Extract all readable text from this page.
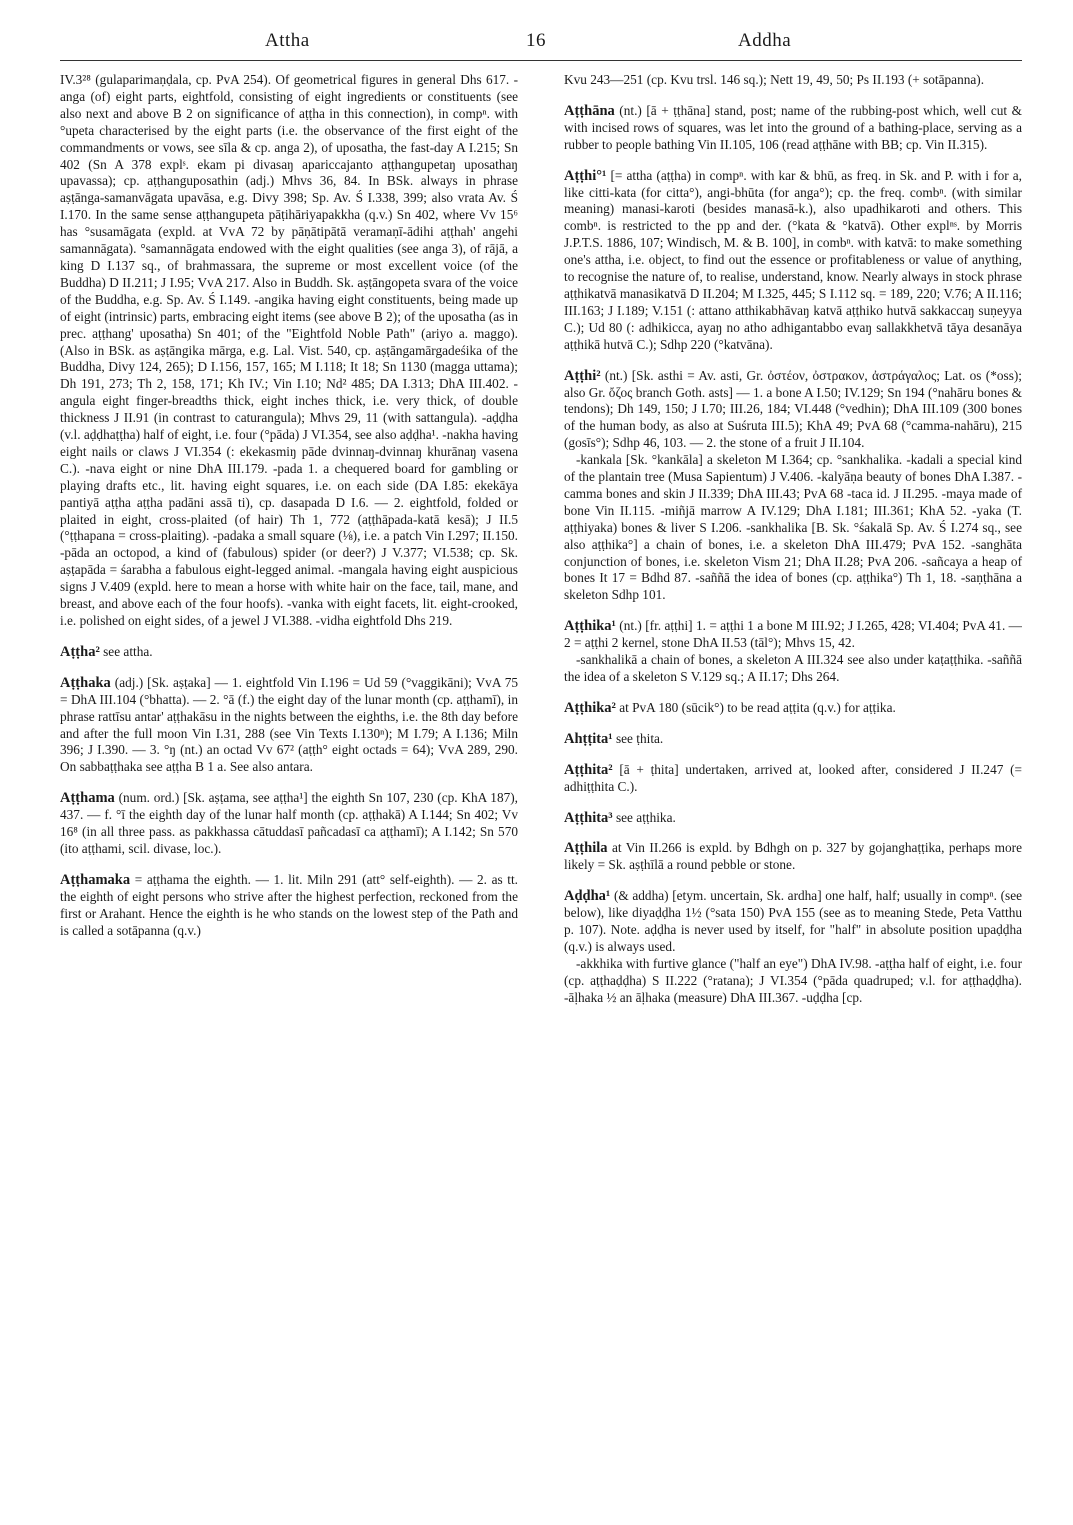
Attha	16	Addha

IV.3²⁸ (gulaparimaṇḍala, cp. PvA 254). Of geometrical figures in general Dhs 617. -anga (of) eight parts, eightfold, consisting of eight ingredients or constituents (see also next and above B 2 on significance of aṭṭha in this connection), in compⁿ. with °upeta characterised by the eight parts (i.e. the observance of the first eight of the commandments or vows, see sīla & cp. anga 2), of uposatha, the fast-day A I.215; Sn 402 (Sn A 378 explˢ. ekam pi divasaŋ apariccajanto aṭṭhangupetaŋ uposathaŋ upavassa); cp. aṭṭhanguposathin (adj.) Mhvs 36, 84. In BSk. always in phrase aṣṭānga-samanvāgata upavāsa, e.g. Divy 398; Sp. Av. Ś I.338, 399; also vrata Av. Ś I.170. In the same sense aṭṭhangupeta pāṭihāriyapakkha (q.v.) Sn 402, where Vv 15⁶ has °susamāgata (expld. at VvA 72 by pāṇātipātā veramaṇī-ādihi aṭṭhah' angehi samannāgata). °samannāgata endowed with the eight qualities (see anga 3), of rājā, a king D I.137 sq., of brahmassara, the supreme or most excellent voice (of the Buddha) D II.211; J I.95; VvA 217. Also in Buddh. Sk. aṣṭāngopeta svara of the voice of the Buddha, e.g. Sp. Av. Ś I.149. -angika having eight constituents, being made up of eight (intrinsic) parts, embracing eight items (see above B 2); of the uposatha (as in prec. aṭṭhang' uposatha) Sn 401; of the "Eightfold Noble Path" (ariyo a. maggo). (Also in BSk. as aṣṭāngika mārga, e.g. Lal. Vist. 540, cp. aṣṭāngamārgadeśika of the Buddha, Divy 124, 265); D I.156, 157, 165; M I.118; It 18; Sn 1130 (magga uttama); Dh 191, 273; Th 2, 158, 171; Kh IV.; Vin I.10; Nd² 485; DA I.313; DhA III.402. -angula eight finger-breadths thick, eight inches thick, i.e. very thick, of double thickness J II.91 (in contrast to caturangula); Mhvs 29, 11 (with sattangula). -aḍḍha (v.l. aḍḍhaṭṭha) half of eight, i.e. four (°pāda) J VI.354, see also aḍḍha¹. -nakha having eight nails or claws J VI.354 (: ekekasmiŋ pāde dvinnaŋ-dvinnaŋ khurānaŋ vasena C.). -nava eight or nine DhA III.179. -pada 1. a chequered board for gambling or playing drafts etc., lit. having eight squares, i.e. on each side (DA I.85: ekekāya pantiyā aṭṭha aṭṭha padāni assā ti), cp. dasapada D I.6. — 2. eightfold, folded or plaited in eight, cross-plaited (of hair) Th 1, 772 (aṭṭhāpada-katā kesā); J II.5 (°ṭṭhapana = cross-plaiting). -padaka a small square (⅛), i.e. a patch Vin I.297; II.150. -pāda an octopod, a kind of (fabulous) spider (or deer?) J V.377; VI.538; cp. Sk. aṣṭapāda = śarabha a fabulous eight-legged animal. -mangala having eight auspicious signs J V.409 (expld. here to mean a horse with white hair on the face, tail, mane, and breast, and above each of the four hoofs). -vanka with eight facets, lit. eight-crooked, i.e. polished on eight sides, of a jewel J VI.388. -vidha eightfold Dhs 219.

Aṭṭha² see attha.

Aṭṭhaka (adj.) [Sk. aṣṭaka] — 1. eightfold Vin I.196 = Ud 59 (°vaggikāni); VvA 75 = DhA III.104 (°bhatta). — 2. °ā (f.) the eight day of the lunar month (cp. aṭṭhamī), in phrase rattīsu antar' aṭṭhakāsu in the nights between the eighths, i.e. the 8th day before and after the full moon Vin I.31, 288 (see Vin Texts I.130ⁿ); M I.79; A I.136; Miln 396; J I.390. — 3. °ŋ (nt.) an octad Vv 67² (aṭṭh° eight octads = 64); VvA 289, 290. On sabbaṭṭhaka see aṭṭha B 1 a. See also antara.

Aṭṭhama (num. ord.) [Sk. aṣṭama, see aṭṭha¹] the eighth Sn 107, 230 (cp. KhA 187), 437. — f. °ī the eighth day of the lunar half month (cp. aṭṭhakā) A I.144; Sn 402; Vv 16⁸ (in all three pass. as pakkhassa cātuddasī pañcadasī ca aṭṭhamī); A I.142; Sn 570 (ito aṭṭhami, scil. divase, loc.).

Aṭṭhamaka = aṭṭhama the eighth. — 1. lit. Miln 291 (att° self-eighth). — 2. as tt. the eighth of eight persons who strive after the highest perfection, reckoned from the first or Arahant. Hence the eighth is he who stands on the lowest step of the Path and is called a sotāpanna (q.v.)

Kvu 243—251 (cp. Kvu trsl. 146 sq.); Nett 19, 49, 50; Ps II.193 (+ sotāpanna).

Aṭṭhāna (nt.) [ā + ṭṭhāna] stand, post; name of the rubbing-post which, well cut & with incised rows of squares, was let into the ground of a bathing-place, serving as a rubber to people bathing Vin II.105, 106 (read aṭṭhāne with BB; cp. Vin II.315).

Aṭṭhi°¹ [= attha (aṭṭha) in compⁿ. with kar & bhū, as freq. in Sk. and P. with i for a, like citti-kata (for citta°), angi-bhūta (for anga°); cp. the freq. combⁿ. (with similar meaning) manasi-karoti (besides manasā-k.), also upadhikaroti and others. This combⁿ. is restricted to the pp and der. (°kata & °katvā). Other explⁿˢ. by Morris J.P.T.S. 1886, 107; Windisch, M. & B. 100], in combⁿ. with katvā: to make something one's attha, i.e. object, to find out the essence or profitableness or value of anything, to recognise the nature of, to realise, understand, know. Nearly always in stock phrase aṭṭhikatvā manasikatvā D II.204; M I.325, 445; S I.112 sq. = 189, 220; V.76; A II.116; III.163; J I.189; V.151 (: attano atthikabhāvaŋ katvā aṭṭhiko hutvā sakkaccaŋ suṇeyya C.); Ud 80 (: adhikicca, ayaŋ no atho adhigantabbo evaŋ sallakkhetvā tāya desanāya aṭṭhikā hutvā C.); Sdhp 220 (°katvāna).

Aṭṭhi² (nt.) [Sk. asthi = Av. asti, Gr. ὀστέον, ὀστρακον, ἀστράγαλος; Lat. os (*oss); also Gr. ὄζος branch Goth. asts] — 1. a bone A I.50; IV.129; Sn 194 (°nahāru bones & tendons); Dh 149, 150; J I.70; III.26, 184; VI.448 (°vedhin); DhA III.109 (300 bones of the human body, as also at Suśruta III.5); KhA 49; PvA 68 (°camma-nahāru), 215 (gosīs°); Sdhp 46, 103. — 2. the stone of a fruit J II.104.

-kankala [Sk. °kankāla] a skeleton M I.364; cp. °sankhalika. -kadali a special kind of the plantain tree (Musa Sapientum) J V.406. -kalyāṇa beauty of bones DhA I.387. -camma bones and skin J II.339; DhA III.43; PvA 68 -taca id. J II.295. -maya made of bone Vin II.115. -miñjā marrow A IV.129; DhA I.181; III.361; KhA 52. -yaka (T. aṭṭhiyaka) bones & liver S I.206. -sankhalika [B. Sk. °śakalā Sp. Av. Ś I.274 sq., see also aṭṭhika°] a chain of bones, i.e. a skeleton DhA III.479; PvA 152. -sanghāta conjunction of bones, i.e. skeleton Vism 21; DhA II.28; PvA 206. -sañcaya a heap of bones It 17 = Bdhd 87. -saññā the idea of bones (cp. aṭṭhika°) Th 1, 18. -saṇṭhāna a skeleton Sdhp 101.

Aṭṭhika¹ (nt.) [fr. aṭṭhi] 1. = aṭṭhi 1 a bone M III.92; J I.265, 428; VI.404; PvA 41. — 2 = aṭṭhi 2 kernel, stone DhA II.53 (tāl°); Mhvs 15, 42.

-sankhalikā a chain of bones, a skeleton A III.324 see also under kaṭaṭṭhika. -saññā the idea of a skeleton S V.129 sq.; A II.17; Dhs 264.

Aṭṭhika² at PvA 180 (sūcik°) to be read aṭṭita (q.v.) for aṭṭika.

Ahṭṭita¹ see ṭhita.

Aṭṭhita² [ā + ṭhita] undertaken, arrived at, looked after, considered J II.247 (= adhiṭṭhita C.).

Aṭṭhita³ see aṭṭhika.

Aṭṭhila at Vin II.266 is expld. by Bdhgh on p. 327 by gojanghaṭṭika, perhaps more likely = Sk. aṣṭhīlā a round pebble or stone.

Aḍḍha¹ (& addha) [etym. uncertain, Sk. ardha] one half, half; usually in compⁿ. (see below), like diyaḍḍha 1½ (°sata 150) PvA 155 (see as to meaning Stede, Peta Vatthu p. 107). Note. aḍḍha is never used by itself, for "half" in absolute position upaḍḍha (q.v.) is always used.

-akkhika with furtive glance ("half an eye") DhA IV.98. -aṭṭha half of eight, i.e. four (cp. aṭṭhaḍḍha) S II.222 (°ratana); J VI.354 (°pāda quadruped; v.l. for aṭṭhaḍḍha). -āḷhaka ½ an āḷhaka (measure) DhA III.367. -uḍḍha [cp.
